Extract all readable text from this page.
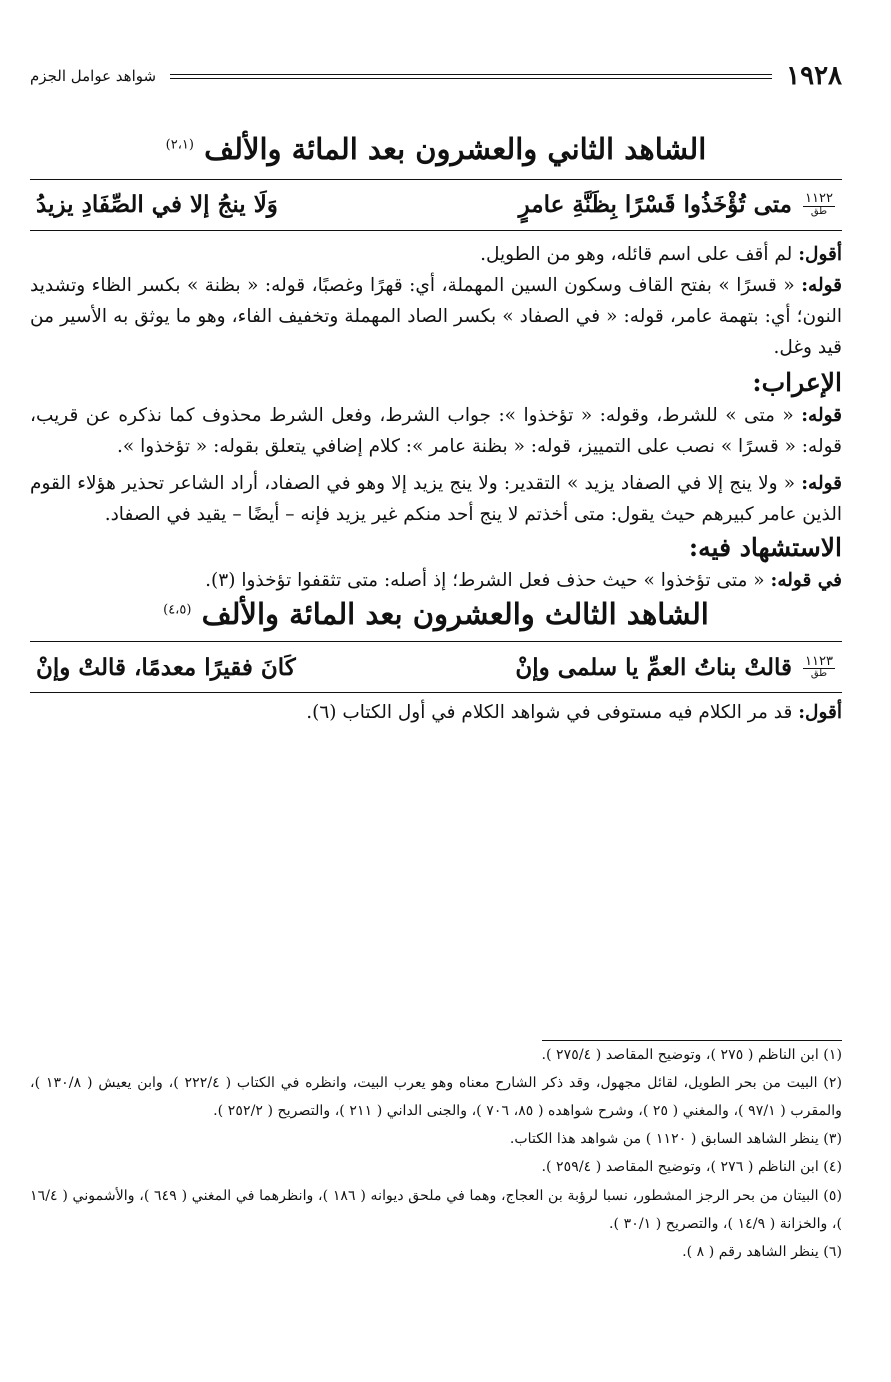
١٩٢٨
شواهد عوامل الجزم
الشاهد الثاني والعشرون بعد المائة والألف $^{(٢،١)}$
١١٢٢
طق
متى تُؤْخَذُوا قَسْرًا بِظَنَّةِ عامرٍ
وَلَا ينجُ إلا في الصِّفَادِ يزيدُ

أقول: لم أقف على اسم قائله، وهو من الطويل.

قوله: « قسرًا » بفتح القاف وسكون السين المهملة، أي: قهرًا وغصبًا، قوله: « بظنة » بكسر الظاء وتشديد النون؛ أي: بتهمة عامر، قوله: « في الصفاد » بكسر الصاد المهملة وتخفيف الفاء، وهو ما يوثق به الأسير من قيد وغل.

الإعراب:

قوله: « متى » للشرط، وقوله: « تؤخذوا »: جواب الشرط، وفعل الشرط محذوف كما نذكره عن قريب، قوله: « قسرًا » نصب على التمييز، قوله: « بظنة عامر »: كلام إضافي يتعلق بقوله: « تؤخذوا ».

قوله: « ولا ينج إلا في الصفاد يزيد » التقدير: ولا ينج يزيد إلا وهو في الصفاد، أراد الشاعر تحذير هؤلاء القوم الذين عامر كبيرهم حيث يقول: متى أخذتم لا ينج أحد منكم غير يزيد فإنه – أيضًا – يقيد في الصفاد.

الاستشهاد فيه:

في قوله: « متى تؤخذوا » حيث حذف فعل الشرط؛ إذ أصله: متى تثقفوا تؤخذوا (٣).

الشاهد الثالث والعشرون بعد المائة والألف $^{(٤،٥)}$
١١٢٣
طق
قالتْ بناتُ العمِّ يا سلمى وإنْ
كَانَ فقيرًا معدمًا، قالتْ وإنْ

أقول: قد مر الكلام فيه مستوفى في شواهد الكلام في أول الكتاب (٦).

(١) ابن الناظم ( ٢٧٥ )، وتوضيح المقاصد ( ٢٧٥/٤ ).

(٢) البيت من بحر الطويل، لقائل مجهول، وقد ذكر الشارح معناه وهو يعرب البيت، وانظره في الكتاب ( ٢٢٢/٤ )، وابن يعيش ( ١٣٠/٨ )، والمقرب ( ٩٧/١ )، والمغني ( ٢٥ )، وشرح شواهده ( ٨٥، ٧٠٦ )، والجنى الداني ( ٢١١ )، والتصريح ( ٢٥٢/٢ ).

(٣) ينظر الشاهد السابق ( ١١٢٠ ) من شواهد هذا الكتاب.

(٤) ابن الناظم ( ٢٧٦ )، وتوضيح المقاصد ( ٢٥٩/٤ ).

(٥) البيتان من بحر الرجز المشطور، نسبا لرؤبة بن العجاج، وهما في ملحق ديوانه ( ١٨٦ )، وانظرهما في المغني ( ٦٤٩ )، والأشموني ( ١٦/٤ )، والخزانة ( ١٤/٩ )، والتصريح ( ٣٠/١ ).

(٦) ينظر الشاهد رقم ( ٨ ).
